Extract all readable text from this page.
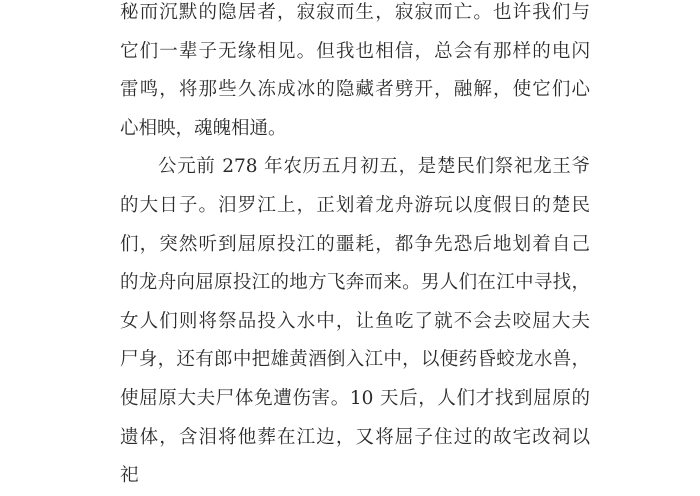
秘而沉默的隐居者，寂寂而生，寂寂而亡。也许我们与
它们一辈子无缘相见。但我也相信，总会有那样的电闪
雷鸣，将那些久冻成冰的隐藏者劈开，融解，使它们心
心相映，魂魄相通。
公元前 278 年农历五月初五，是楚民们祭祀龙王爷
的大日子。汨罗江上，正划着龙舟游玩以度假日的楚民
们，突然听到屈原投江的噩耗，都争先恐后地划着自己
的龙舟向屈原投江的地方飞奔而来。男人们在江中寻找，
女人们则将祭品投入水中，让鱼吃了就不会去咬屈大夫
尸身，还有郎中把雄黄酒倒入江中，以便药昏蛟龙水兽，
使屈原大夫尸体免遭伤害。10 天后，人们才找到屈原的
遗体，含泪将他葬在江边，又将屈子住过的故宅改祠以
祀
